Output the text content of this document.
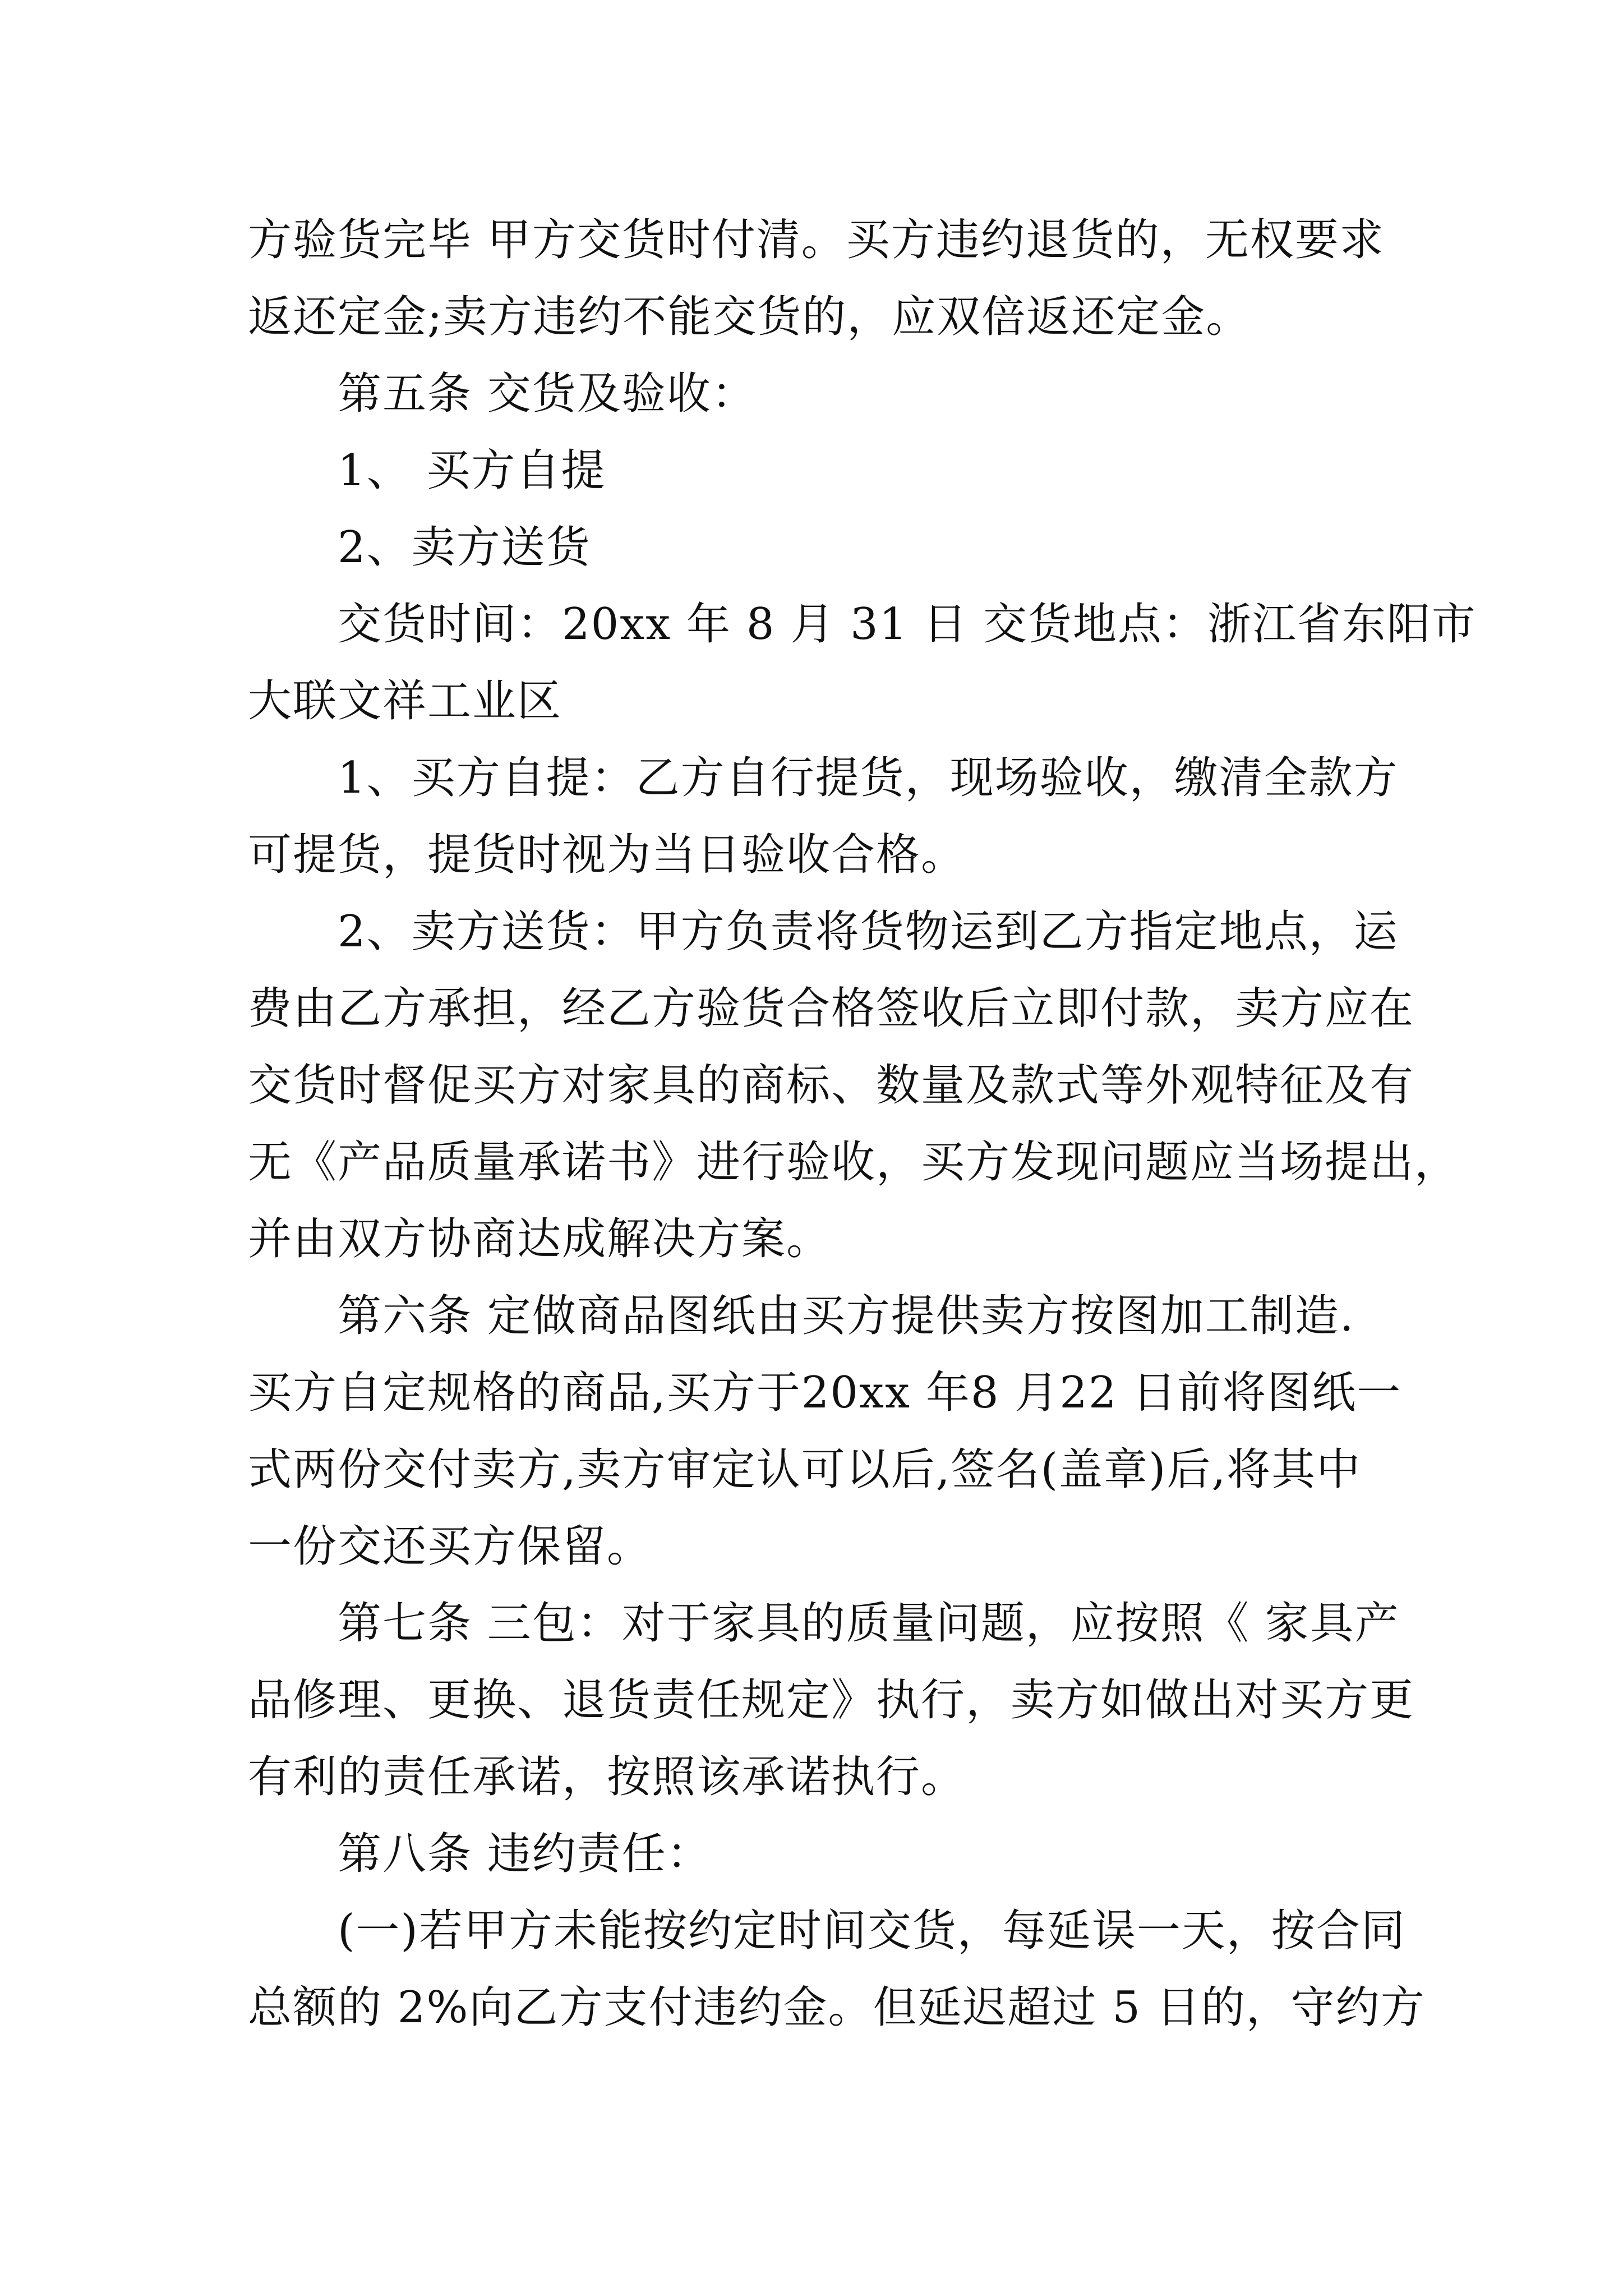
方验货完毕 甲方交货时付清。买方违约退货的，无权要求
返还定金;卖方违约不能交货的，应双倍返还定金。
第五条 交货及验收：
1、 买方自提
2、卖方送货
交货时间：20xx 年 8 月 31 日 交货地点：浙江省东阳市
大联文祥工业区
1、买方自提：乙方自行提货，现场验收，缴清全款方
可提货，提货时视为当日验收合格。
2、卖方送货：甲方负责将货物运到乙方指定地点，运
费由乙方承担，经乙方验货合格签收后立即付款，卖方应在
交货时督促买方对家具的商标、数量及款式等外观特征及有
无《产品质量承诺书》进行验收，买方发现问题应当场提出，
并由双方协商达成解决方案。
第六条 定做商品图纸由买方提供卖方按图加工制造.
买方自定规格的商品,买方于20xx 年8 月22 日前将图纸一
式两份交付卖方,卖方审定认可以后,签名(盖章)后,将其中
一份交还买方保留。
第七条 三包：对于家具的质量问题，应按照《 家具产
品修理、更换、退货责任规定》执行，卖方如做出对买方更
有利的责任承诺，按照该承诺执行。
第八条 违约责任：
(一)若甲方未能按约定时间交货，每延误一天，按合同
总额的 2%向乙方支付违约金。但延迟超过 5 日的，守约方
